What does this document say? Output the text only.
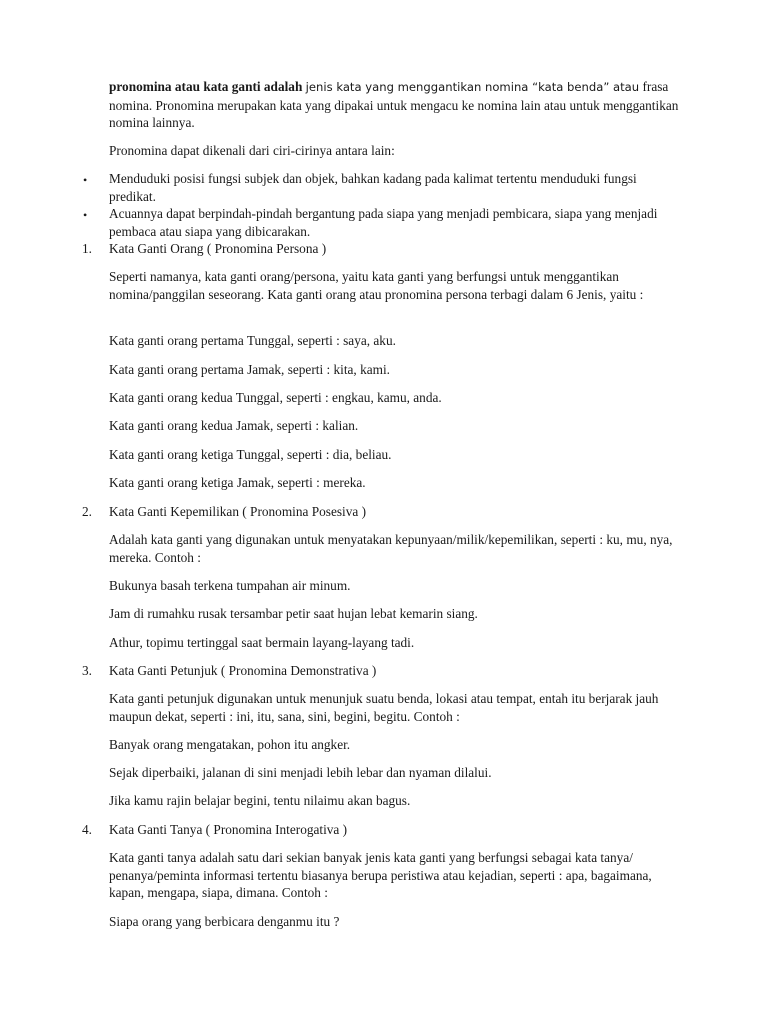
pronomina atau kata ganti adalah jenis kata yang menggantikan nomina “kata benda” atau frasa nomina. Pronomina merupakan kata yang dipakai untuk mengacu ke nomina lain atau untuk menggantikan nomina lainnya.

Pronomina dapat dikenali dari ciri-cirinya antara lain:

•	Menduduki posisi fungsi subjek dan objek, bahkan kadang pada kalimat tertentu menduduki fungsi predikat.

•	Acuannya dapat berpindah-pindah bergantung pada siapa yang menjadi pembicara, siapa yang menjadi pembaca atau siapa yang dibicarakan.

1.	Kata Ganti Orang ( Pronomina Persona )

Seperti namanya, kata ganti orang/persona, yaitu kata ganti yang berfungsi untuk menggantikan nomina/panggilan seseorang. Kata ganti orang atau pronomina persona terbagi dalam 6 Jenis, yaitu :

Kata ganti orang pertama Tunggal, seperti : saya, aku.

Kata ganti orang pertama Jamak, seperti : kita, kami.

Kata ganti orang kedua Tunggal, seperti : engkau, kamu, anda.

Kata ganti orang kedua Jamak, seperti : kalian.

Kata ganti orang ketiga Tunggal, seperti : dia, beliau.

Kata ganti orang ketiga Jamak, seperti : mereka.

2.	Kata Ganti Kepemilikan ( Pronomina Posesiva )

Adalah kata ganti yang digunakan untuk menyatakan kepunyaan/milik/kepemilikan, seperti : ku, mu, nya, mereka. Contoh :

Bukunya basah terkena tumpahan air minum.

Jam di rumahku rusak tersambar petir saat hujan lebat kemarin siang.

Athur, topimu tertinggal saat bermain layang-layang tadi.

3.	Kata Ganti Petunjuk ( Pronomina Demonstrativa )

Kata ganti petunjuk digunakan untuk menunjuk suatu benda, lokasi atau tempat, entah itu berjarak jauh maupun dekat, seperti : ini, itu, sana, sini, begini, begitu. Contoh :

Banyak orang mengatakan, pohon itu angker.

Sejak diperbaiki, jalanan di sini menjadi lebih lebar dan nyaman dilalui.

Jika kamu rajin belajar begini, tentu nilaimu akan bagus.

4.	Kata Ganti Tanya ( Pronomina Interogativa )

Kata ganti tanya adalah satu dari sekian banyak jenis kata ganti yang berfungsi sebagai kata tanya/ penanya/peminta informasi tertentu biasanya berupa peristiwa atau kejadian, seperti : apa, bagaimana, kapan, mengapa, siapa, dimana. Contoh :

Siapa orang yang berbicara denganmu itu ?
